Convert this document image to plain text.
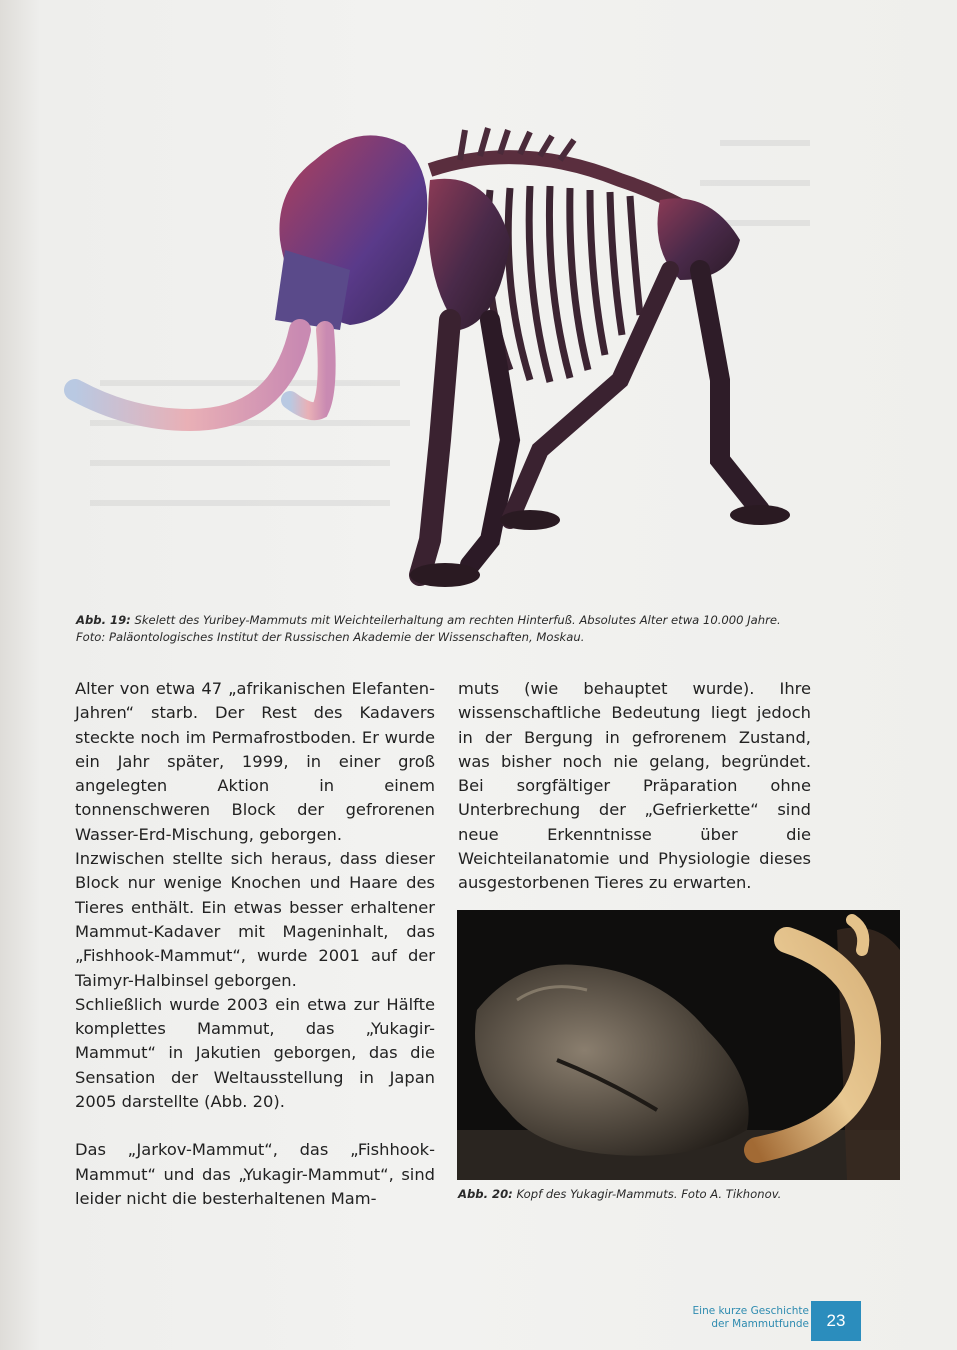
Abb. 19: Skelett des Yuribey-Mammuts mit Weichteilerhaltung am rechten Hinterfuß. Absolutes Alter etwa 10.000 Jahre.
Foto: Paläontologisches Institut der Russischen Akademie der Wissenschaften, Moskau.

Alter von etwa 47 „afrikanischen Elefanten-Jahren“ starb. Der Rest des Kadavers steckte noch im Permafrostboden. Er wurde ein Jahr später, 1999, in einer groß angelegten Aktion in einem tonnenschweren Block der gefrorenen Wasser-Erd-Mischung, geborgen.

Inzwischen stellte sich heraus, dass dieser Block nur wenige Knochen und Haare des Tieres enthält. Ein etwas besser erhaltener Mammut-Kadaver mit Mageninhalt, das „Fishhook-Mammut“, wurde 2001 auf der Taimyr-Halbinsel geborgen.

Schließlich wurde 2003 ein etwa zur Hälfte komplettes Mammut, das „Yukagir-Mammut“ in Jakutien geborgen, das die Sensation der Weltausstellung in Japan 2005 darstellte (Abb. 20).

Das „Jarkov-Mammut“, das „Fishhook-Mammut“ und das „Yukagir-Mammut“, sind leider nicht die besterhaltenen Mam-

muts (wie behauptet wurde). Ihre wissenschaftliche Bedeutung liegt jedoch in der Bergung in gefrorenem Zustand, was bisher noch nie gelang, begründet. Bei sorgfältiger Präparation ohne Unterbrechung der „Gefrierkette“ sind neue Erkenntnisse über die Weichteilanatomie und Physiologie dieses ausgestorbenen Tieres zu erwarten.

Abb. 20: Kopf des Yukagir-Mammuts. Foto A. Tikhonov.
Eine kurze Geschichte
der Mammutfunde	23
